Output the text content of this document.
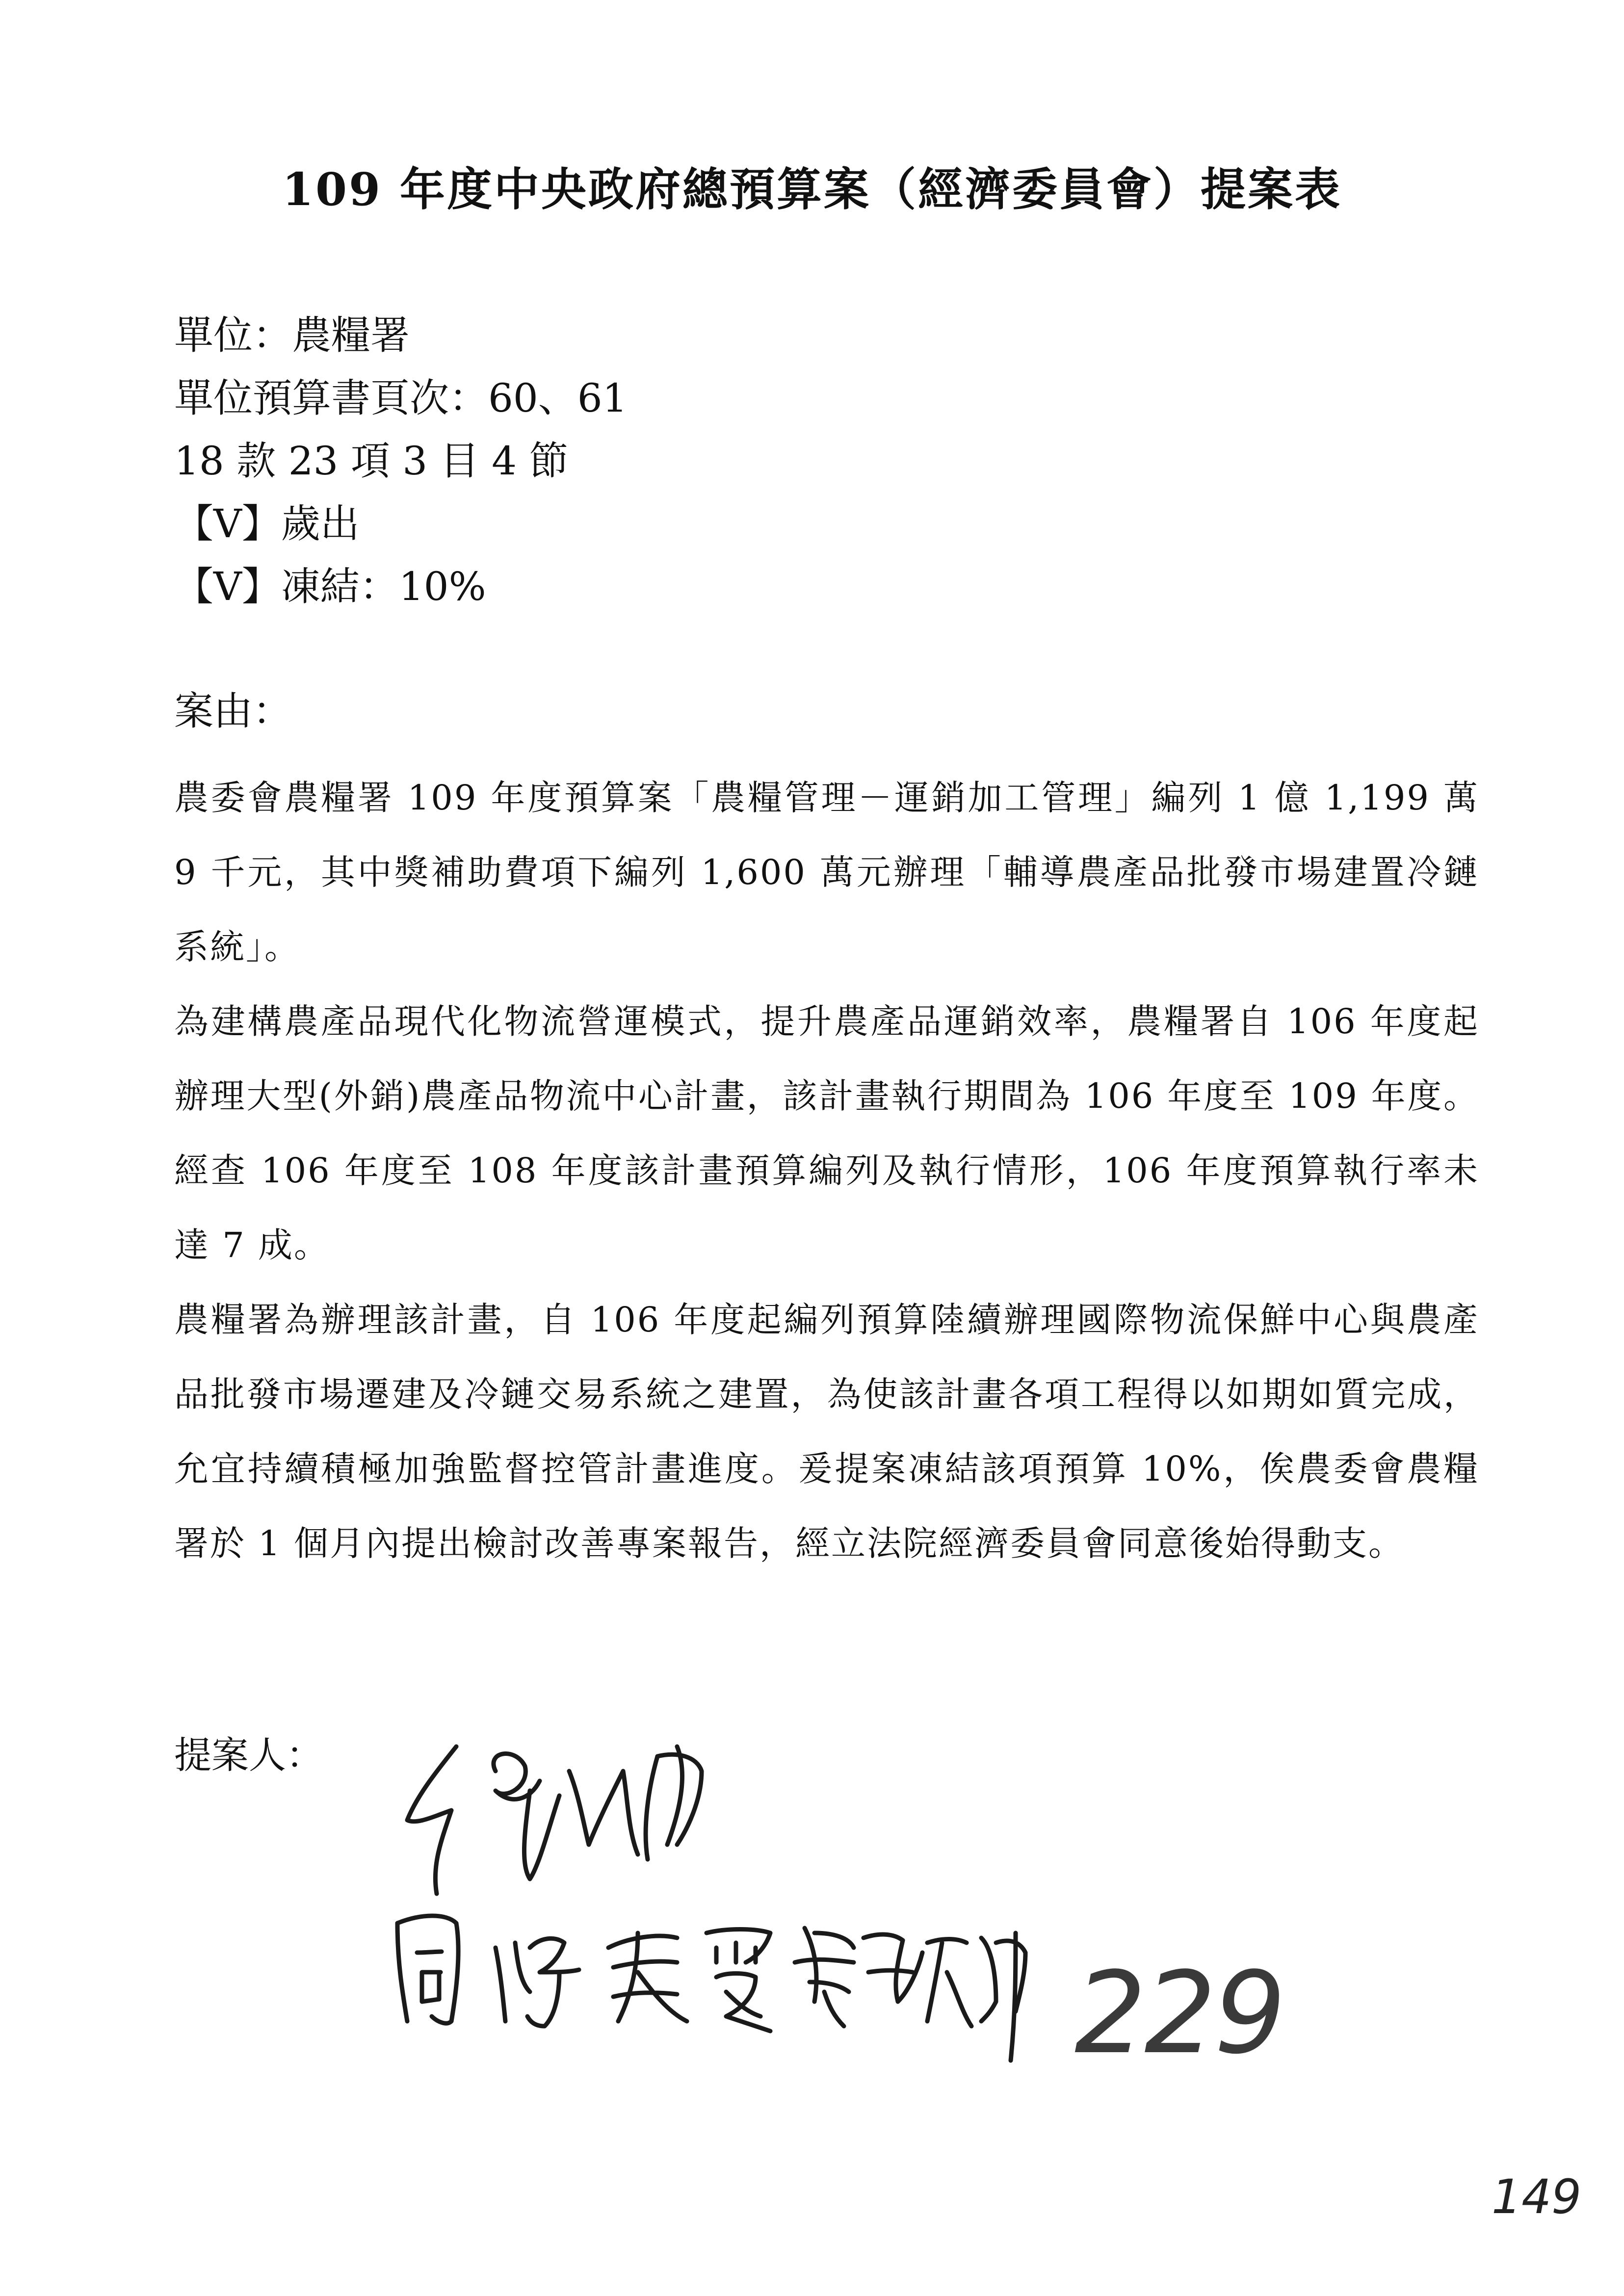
109 年度中央政府總預算案（經濟委員會）提案表
單位：農糧署
單位預算書頁次：60、61
18 款 23 項 3 目 4 節
【V】歲出
【V】凍結：10%
案由：

農委會農糧署 109 年度預算案「農糧管理－運銷加工管理」編列 1 億 1,199 萬 9 千元，其中獎補助費項下編列 1,600 萬元辦理「輔導農產品批發市場建置冷鏈系統」。

為建構農產品現代化物流營運模式，提升農產品運銷效率，農糧署自 106 年度起辦理大型(外銷)農產品物流中心計畫，該計畫執行期間為 106 年度至 109 年度。經查 106 年度至 108 年度該計畫預算編列及執行情形，106 年度預算執行率未達 7 成。

農糧署為辦理該計畫，自 106 年度起編列預算陸續辦理國際物流保鮮中心與農產品批發市場遷建及冷鏈交易系統之建置，為使該計畫各項工程得以如期如質完成，允宜持續積極加強監督控管計畫進度。爰提案凍結該項預算 10%，俟農委會農糧署於 1 個月內提出檢討改善專案報告，經立法院經濟委員會同意後始得動支。

提案人：
229
149
